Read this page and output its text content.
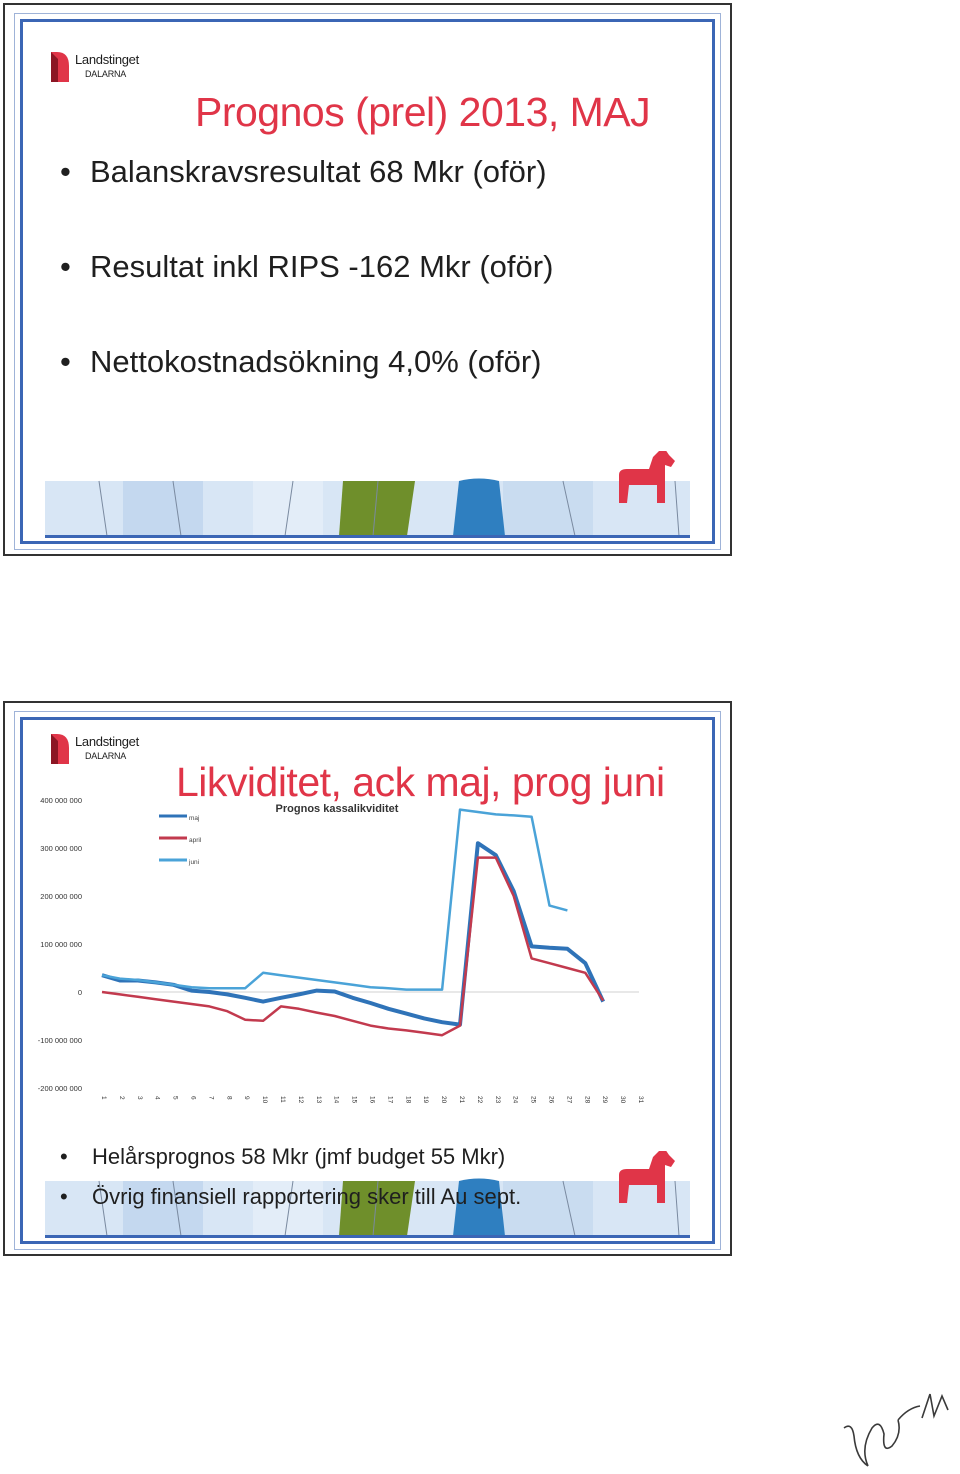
Landstinget
DALARNA
Prognos (prel) 2013, MAJ
• Balanskravsresultat 68 Mkr (oför)
• Resultat inkl RIPS -162 Mkr (oför)
• Nettokostnadsökning 4,0% (oför)
Landstinget
DALARNA
Likviditet, ack maj, prog juni
• Helårsprognos 58 Mkr (jmf budget 55 Mkr)
• Övrig finansiell rapportering sker till Au sept.
400 000 000
300 000 000
200 000 000
100 000 000
0
-100 000 000
-200 000 000
1 2 3 4 5 6 7 8 9 10 11 12 13 14 15 16 17 18 19 20 21 22 23 24 25 26 27 28 29 30 31
Prognos kassalikviditet
maj
april
juni
